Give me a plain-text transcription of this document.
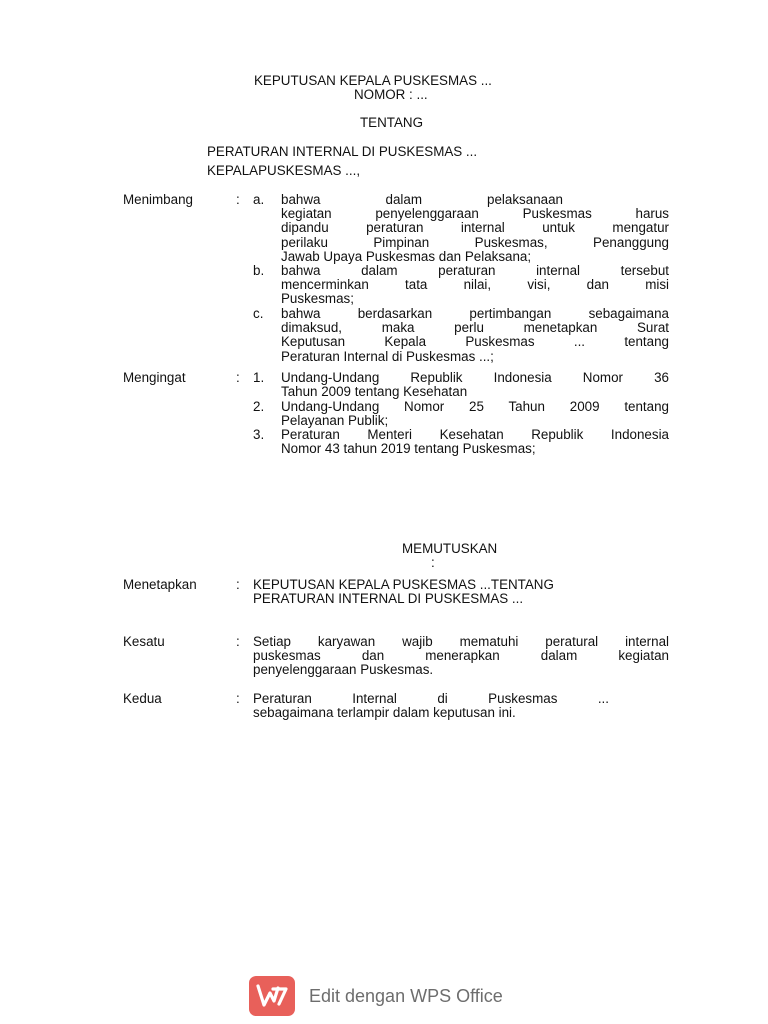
KEPUTUSAN KEPALA PUSKESMAS ...
NOMOR : ...
TENTANG
PERATURAN INTERNAL DI PUSKESMAS ...
KEPALAPUSKESMAS ...,
Menimbang	: a. bahwa dalam pelaksanaan
kegiatan penyelenggaraan Puskesmas harus
dipandu peraturan internal untuk mengatur
perilaku Pimpinan Puskesmas, Penanggung
Jawab Upaya Puskesmas dan Pelaksana;
b. bahwa dalam peraturan internal tersebut
mencerminkan tata nilai, visi, dan misi
Puskesmas;
c. bahwa berdasarkan pertimbangan sebagaimana
dimaksud, maka perlu menetapkan Surat
Keputusan Kepala Puskesmas ... tentang
Peraturan Internal di Puskesmas ...;
Mengingat	: 1. Undang-Undang Republik Indonesia Nomor 36
Tahun 2009 tentang Kesehatan
2. Undang-Undang Nomor 25 Tahun 2009 tentang
Pelayanan Publik;
3. Peraturan Menteri Kesehatan Republik Indonesia
Nomor 43 tahun 2019 tentang Puskesmas;
MEMUTUSKAN
:
Menetapkan	: KEPUTUSAN KEPALA PUSKESMAS ...TENTANG
PERATURAN INTERNAL DI PUSKESMAS ...
Kesatu	: Setiap karyawan wajib mematuhi peratural internal
puskesmas dan menerapkan dalam kegiatan
penyelenggaraan Puskesmas.
Kedua	: Peraturan Internal di Puskesmas ...
sebagaimana terlampir dalam keputusan ini.
Edit dengan WPS Office
